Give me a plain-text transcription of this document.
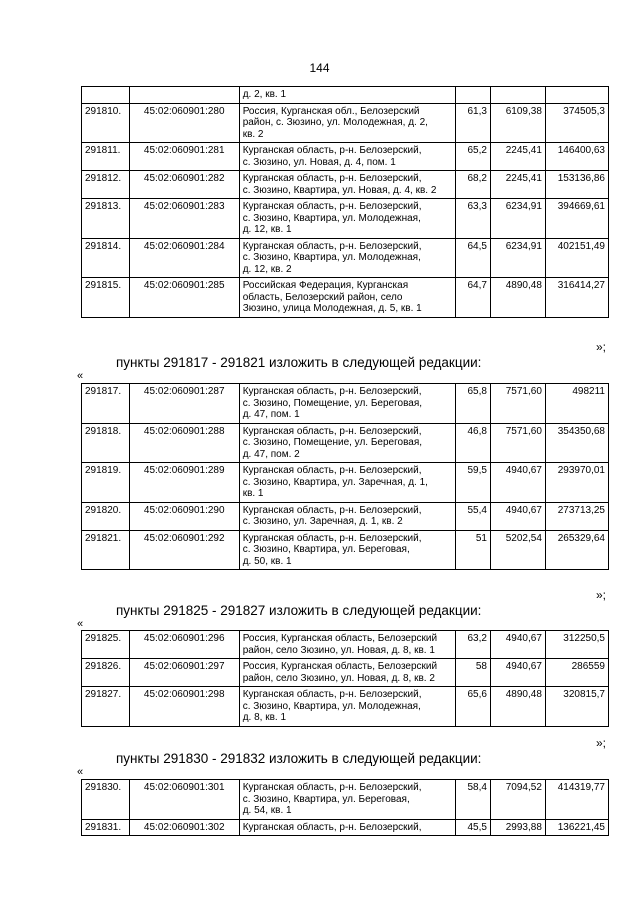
144
		д. 2, кв. 1			
291810.	45:02:060901:280	Россия, Курганская обл., Белозерский
район, с. Зюзино, ул. Молодежная, д. 2,
кв. 2	61,3	6109,38	374505,3
291811.	45:02:060901:281	Курганская область, р-н. Белозерский,
с. Зюзино, ул. Новая, д. 4, пом. 1	65,2	2245,41	146400,63
291812.	45:02:060901:282	Курганская область, р-н. Белозерский,
с. Зюзино, Квартира, ул. Новая, д. 4, кв. 2	68,2	2245,41	153136,86
291813.	45:02:060901:283	Курганская область, р-н. Белозерский,
с. Зюзино, Квартира, ул. Молодежная,
д. 12, кв. 1	63,3	6234,91	394669,61
291814.	45:02:060901:284	Курганская область, р-н. Белозерский,
с. Зюзино, Квартира, ул. Молодежная,
д. 12, кв. 2	64,5	6234,91	402151,49
291815.	45:02:060901:285	Российская Федерация, Курганская
область, Белозерский район, село
Зюзино, улица Молодежная, д. 5, кв. 1	64,7	4890,48	316414,27
»;
пункты 291817 - 291821 изложить в следующей редакции:
«
291817.	45:02:060901:287	Курганская область, р-н. Белозерский,
с. Зюзино, Помещение, ул. Береговая,
д. 47, пом. 1	65,8	7571,60	498211
291818.	45:02:060901:288	Курганская область, р-н. Белозерский,
с. Зюзино, Помещение, ул. Береговая,
д. 47, пом. 2	46,8	7571,60	354350,68
291819.	45:02:060901:289	Курганская область, р-н. Белозерский,
с. Зюзино, Квартира, ул. Заречная, д. 1,
кв. 1	59,5	4940,67	293970,01
291820.	45:02:060901:290	Курганская область, р-н. Белозерский,
с. Зюзино, ул. Заречная, д. 1, кв. 2	55,4	4940,67	273713,25
291821.	45:02:060901:292	Курганская область, р-н. Белозерский,
с. Зюзино, Квартира, ул. Береговая,
д. 50, кв. 1	51	5202,54	265329,64
»;
пункты 291825 - 291827 изложить в следующей редакции:
«
291825.	45:02:060901:296	Россия, Курганская область, Белозерский
район, село Зюзино, ул. Новая, д. 8, кв. 1	63,2	4940,67	312250,5
291826.	45:02:060901:297	Россия, Курганская область, Белозерский
район, село Зюзино, ул. Новая, д. 8, кв. 2	58	4940,67	286559
291827.	45:02:060901:298	Курганская область, р-н. Белозерский,
с. Зюзино, Квартира, ул. Молодежная,
д. 8, кв. 1	65,6	4890,48	320815,7
»;
пункты 291830 - 291832 изложить в следующей редакции:
«
291830.	45:02:060901:301	Курганская область, р-н. Белозерский,
с. Зюзино, Квартира, ул. Береговая,
д. 54, кв. 1	58,4	7094,52	414319,77
291831.	45:02:060901:302	Курганская область, р-н. Белозерский,	45,5	2993,88	136221,45
